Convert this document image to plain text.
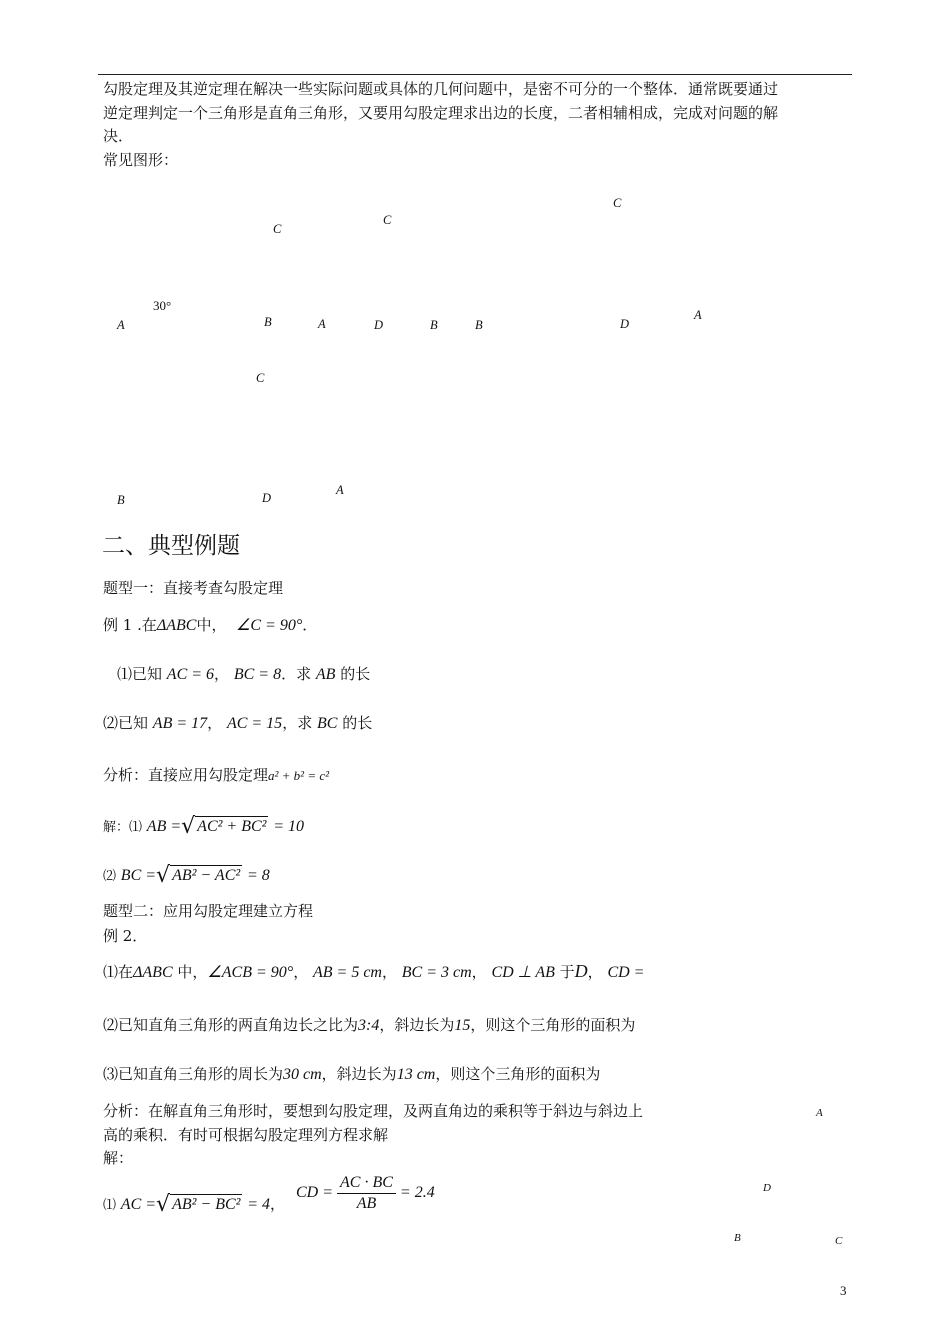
勾股定理及其逆定理在解决一些实际问题或具体的几何问题中，是密不可分的一个整体．通常既要通过
逆定理判定一个三角形是直角三角形，又要用勾股定理求出边的长度，二者相辅相成，完成对问题的解
决．
常见图形：
30°
A	B
C
C
A	D	B	B
C
D
A
B
C
D
A
二、典型例题
题型一：直接考查勾股定理
例 1 .在ΔABC中， ∠C = 90°．
⑴已知 AC = 6， BC = 8．求 AB 的长
⑵已知 AB = 17， AC = 15，求 BC 的长
分析：直接应用勾股定理a² + b² = c²
解：⑴ AB =√ AC² + BC² = 10
⑵ BC =√ AB² − AC² = 8
题型二：应用勾股定理建立方程
例 2．
⑴在ΔABC 中，∠ACB = 90°， AB = 5 cm， BC = 3 cm， CD ⊥ AB 于D， CD =
⑵已知直角三角形的两直角边长之比为3:4，斜边长为15，则这个三角形的面积为
⑶已知直角三角形的周长为30 cm，斜边长为13 cm，则这个三角形的面积为
分析：在解直角三角形时，要想到勾股定理，及两直角边的乘积等于斜边与斜边上
高的乘积．有时可根据勾股定理列方程求解
解：
⑴ AC =√ AB² − BC² = 4，
CD = $\frac{AC \cdot BC}{AB} = 2.4$
A
D
B	C
3
